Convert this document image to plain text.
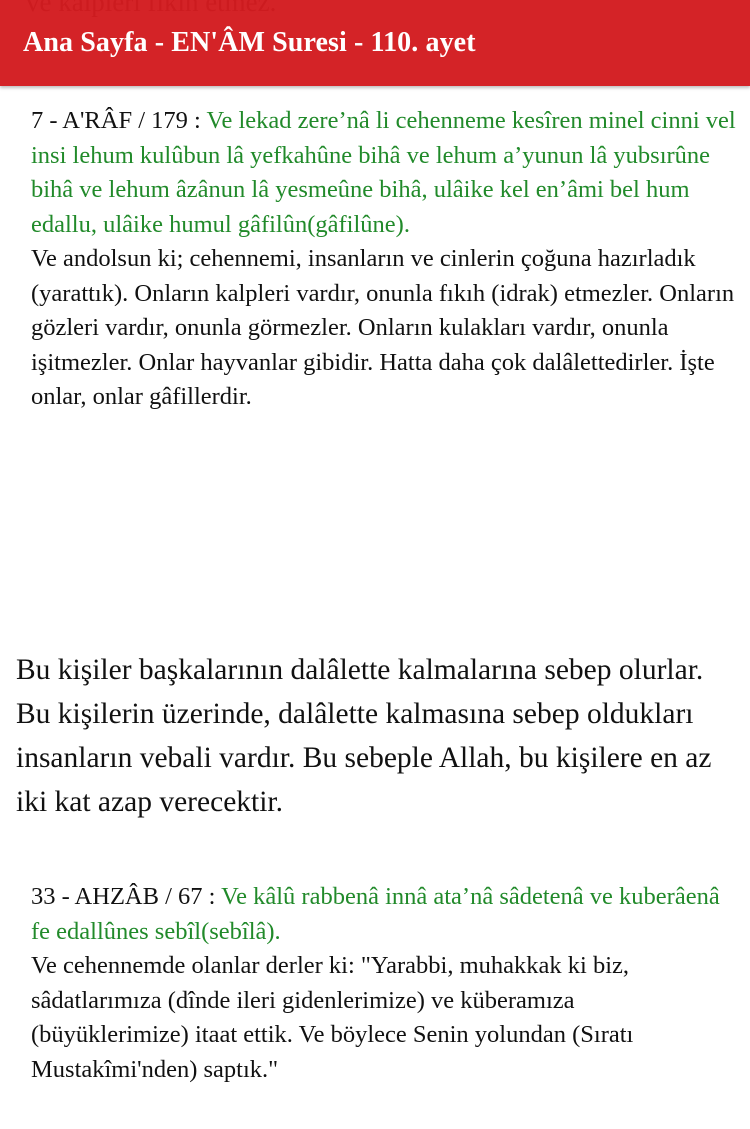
Ana Sayfa - EN'ÂM Suresi - 110. ayet
7 - A'RÂF / 179 : Ve lekad zere’nâ li cehenneme kesîren minel cinni vel insi lehum kulûbun lâ yefkahûne bihâ ve lehum a’yunun lâ yubsırûne bihâ ve lehum âzânun lâ yesmeûne bihâ, ulâike kel en’âmi bel hum edallu, ulâike humul gâfilûn(gâfilûne).
Ve andolsun ki; cehennemi, insanların ve cinlerin çoğuna hazırladık (yarattık). Onların kalpleri vardır, onunla fıkıh (idrak) etmezler. Onların gözleri vardır, onunla görmezler. Onların kulakları vardır, onunla işitmezler. Onlar hayvanlar gibidir. Hatta daha çok dalâlettedirler. İşte onlar, onlar gâfillerdir.
Bu kişiler başkalarının dalâlette kalmalarına sebep olurlar. Bu kişilerin üzerinde, dalâlette kalmasına sebep oldukları insanların vebali vardır. Bu sebeple Allah, bu kişilere en az iki kat azap verecektir.
33 - AHZÂB / 67 : Ve kâlû rabbenâ innâ ata’nâ sâdetenâ ve kuberâenâ fe edallûnes sebîl(sebîlâ).
Ve cehennemde olanlar derler ki: "Yarabbi, muhakkak ki biz, sâdatlarımıza (dînde ileri gidenlerimize) ve küberamıza (büyüklerimize) itaat ettik. Ve böylece Senin yolundan (Sıratı Mustakîmi'nden) saptık."
